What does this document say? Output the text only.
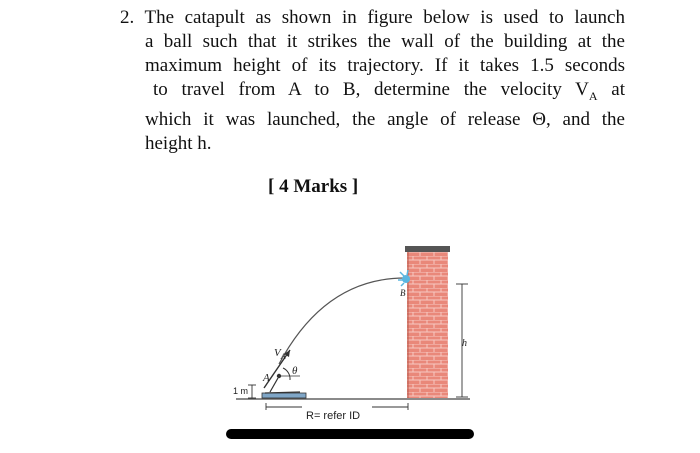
2. The catapult as shown in figure below is used to launch
a ball such that it strikes the wall of the building at the
maximum height of its trajectory. If it takes 1.5 seconds
to travel from A to B, determine the velocity $V_A$ at
which it was launched, the angle of release Θ, and the
height h.
[ 4 Marks ]
$V_A$
A
θ
B
h
1 m
R= refer ID
